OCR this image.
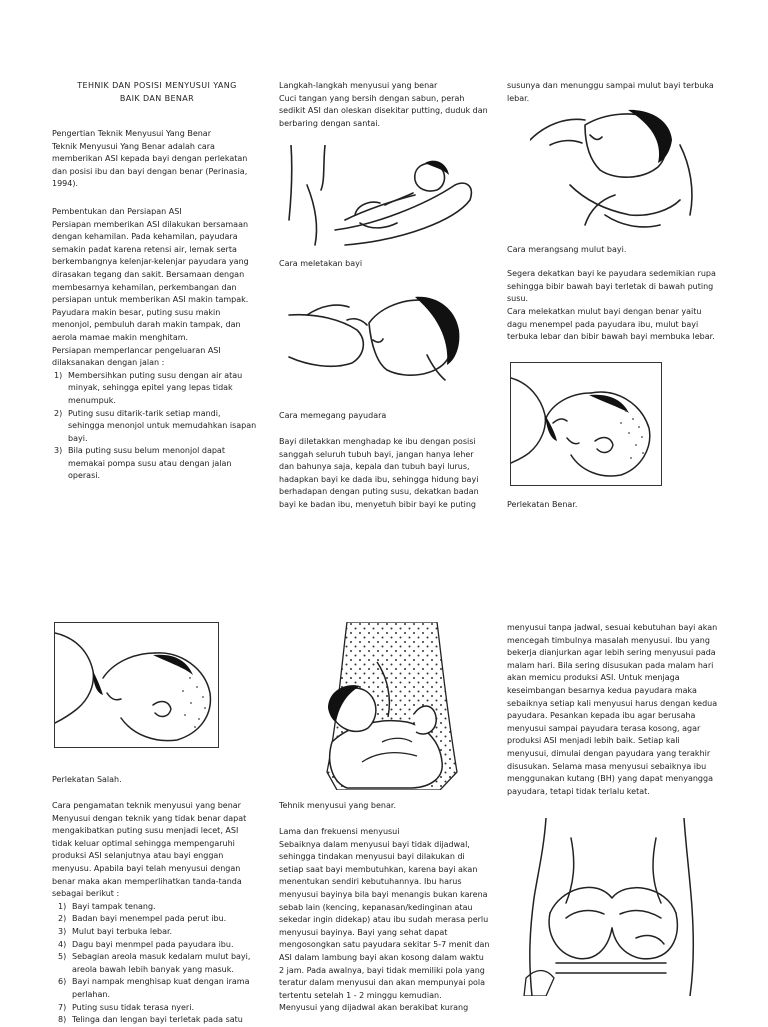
TEHNIK DAN POSISI MENYUSUI YANG

BAIK DAN BENAR

Pengertian Teknik Menyusui Yang Benar

Teknik Menyusui Yang Benar adalah cara memberikan ASI kepada bayi dengan perlekatan dan posisi ibu dan bayi dengan benar (Perinasia, 1994).

Pembentukan dan Persiapan ASI

Persiapan memberikan ASI dilakukan bersamaan dengan kehamilan. Pada kehamilan, payudara semakin padat karena retensi air, lemak serta berkembangnya kelenjar-kelenjar payudara yang dirasakan tegang dan sakit. Bersamaan dengan membesarnya kehamilan, perkembangan dan persiapan untuk memberikan ASI makin tampak. Payudara makin besar, puting susu makin menonjol, pembuluh darah makin tampak, dan aerola mamae makin menghitam.

Persiapan memperlancar pengeluaran ASI dilaksanakan dengan jalan :

1) Membersihkan puting susu dengan air atau minyak, sehingga epitel yang lepas tidak menumpuk.
2) Puting susu ditarik-tarik setiap mandi, sehingga menonjol untuk memudahkan isapan bayi.
3) Bila puting susu belum menonjol dapat memakai pompa susu atau dengan jalan operasi.

Langkah-langkah menyusui yang benar

Cuci tangan yang bersih dengan sabun, perah sedikit ASI dan oleskan disekitar putting, duduk dan berbaring dengan santai.

Cara meletakan bayi
Cara memegang payudara
Bayi diletakkan menghadap ke ibu dengan posisi sanggah seluruh tubuh bayi, jangan hanya leher dan bahunya saja, kepala dan tubuh bayi lurus, hadapkan bayi ke dada ibu, sehingga hidung bayi berhadapan dengan puting susu, dekatkan badan bayi ke badan ibu, menyetuh bibir bayi ke puting
susunya dan menunggu sampai mulut bayi terbuka lebar.
Cara merangsang mulut bayi.
Segera dekatkan bayi ke payudara sedemikian rupa sehingga bibir bawah bayi terletak di bawah puting susu.
Cara melekatkan mulut bayi dengan benar yaitu dagu menempel pada payudara ibu, mulut bayi terbuka lebar dan bibir bawah bayi membuka lebar.
Perlekatan Benar.
Perlekatan Salah.

Cara pengamatan teknik menyusui yang benar Menyusui dengan teknik yang tidak benar dapat mengakibatkan puting susu menjadi lecet, ASI tidak keluar optimal sehingga mempengaruhi produksi ASI selanjutnya atau bayi enggan menyusu. Apabila bayi telah menyusui dengan benar maka akan memperlihatkan tanda-tanda sebagai berikut :

1) Bayi tampak tenang.
2) Badan bayi menempel pada perut ibu.
3) Mulut bayi terbuka lebar.
4) Dagu bayi menmpel pada payudara ibu.
5) Sebagian areola masuk kedalam mulut bayi, areola bawah lebih banyak yang masuk.
6) Bayi nampak menghisap kuat dengan irama perlahan.
7) Puting susu tidak terasa nyeri.
8) Telinga dan lengan bayi terletak pada satu
Tehnik menyusui yang benar.

Lama dan frekuensi menyusui

Sebaiknya dalam menyusui bayi tidak dijadwal, sehingga tindakan menyusui bayi dilakukan di setiap saat bayi membutuhkan, karena bayi akan menentukan sendiri kebutuhannya. Ibu harus menyusui bayinya bila bayi menangis bukan karena sebab lain (kencing, kepanasan/kedinginan atau sekedar ingin didekap) atau ibu sudah merasa perlu menyusui bayinya. Bayi yang sehat dapat mengosongkan satu payudara sekitar 5-7 menit dan ASI dalam lambung bayi akan kosong dalam waktu 2 jam. Pada awalnya, bayi tidak memiliki pola yang teratur dalam menyusui dan akan mempunyai pola tertentu setelah 1 - 2 minggu kemudian.

Menyusui yang dijadwal akan berakibat kurang

menyusui tanpa jadwal, sesuai kebutuhan bayi akan mencegah timbulnya masalah menyusui. Ibu yang bekerja dianjurkan agar lebih sering menyusui pada malam hari. Bila sering disusukan pada malam hari akan memicu produksi ASI. Untuk menjaga keseimbangan besarnya kedua payudara maka sebaiknya setiap kali menyusui harus dengan kedua payudara. Pesankan kepada ibu agar berusaha menyusui sampai payudara terasa kosong, agar produksi ASI menjadi lebih baik. Setiap kali menyusui, dimulai dengan payudara yang terakhir disusukan. Selama masa menyusui sebaiknya ibu menggunakan kutang (BH) yang dapat menyangga payudara, tetapi tidak terlalu ketat.
